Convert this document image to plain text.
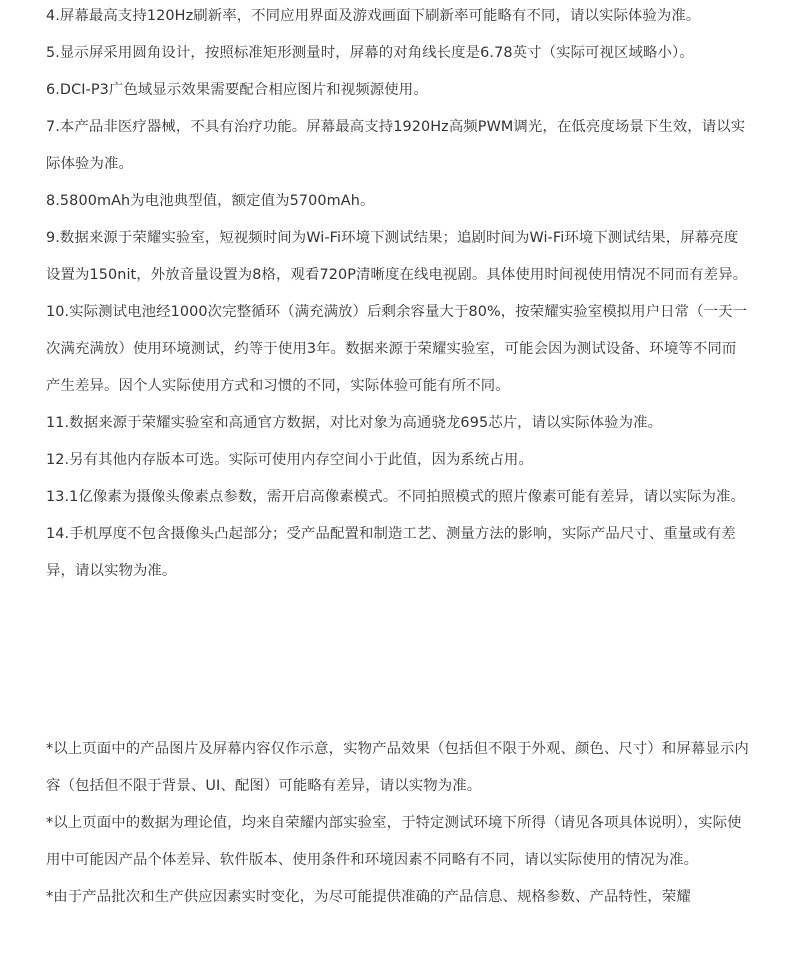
4.屏幕最高支持120Hz刷新率，不同应用界面及游戏画面下刷新率可能略有不同，请以实际体验为准。

5.显示屏采用圆角设计，按照标准矩形测量时，屏幕的对角线长度是6.78英寸（实际可视区域略小）。

6.DCI-P3广色域显示效果需要配合相应图片和视频源使用。

7.本产品非医疗器械，不具有治疗功能。屏幕最高支持1920Hz高频PWM调光，在低亮度场景下生效，请以实际体验为准。

8.5800mAh为电池典型值，额定值为5700mAh。

9.数据来源于荣耀实验室，短视频时间为Wi-Fi环境下测试结果；追剧时间为Wi-Fi环境下测试结果，屏幕亮度设置为150nit，外放音量设置为8格，观看720P清晰度在线电视剧。具体使用时间视使用情况不同而有差异。

10.实际测试电池经1000次完整循环（满充满放）后剩余容量大于80%，按荣耀实验室模拟用户日常（一天一次满充满放）使用环境测试，约等于使用3年。数据来源于荣耀实验室，可能会因为测试设备、环境等不同而产生差异。因个人实际使用方式和习惯的不同，实际体验可能有所不同。

11.数据来源于荣耀实验室和高通官方数据，对比对象为高通骁龙695芯片，请以实际体验为准。

12.另有其他内存版本可选。实际可使用内存空间小于此值，因为系统占用。

13.1亿像素为摄像头像素点参数，需开启高像素模式。不同拍照模式的照片像素可能有差异，请以实际为准。

14.手机厚度不包含摄像头凸起部分；受产品配置和制造工艺、测量方法的影响，实际产品尺寸、重量或有差异，请以实物为准。

*以上页面中的产品图片及屏幕内容仅作示意，实物产品效果（包括但不限于外观、颜色、尺寸）和屏幕显示内容（包括但不限于背景、UI、配图）可能略有差异，请以实物为准。

*以上页面中的数据为理论值，均来自荣耀内部实验室，于特定测试环境下所得（请见各项具体说明），实际使用中可能因产品个体差异、软件版本、使用条件和环境因素不同略有不同，请以实际使用的情况为准。

*由于产品批次和生产供应因素实时变化，为尽可能提供准确的产品信息、规格参数、产品特性，荣耀
